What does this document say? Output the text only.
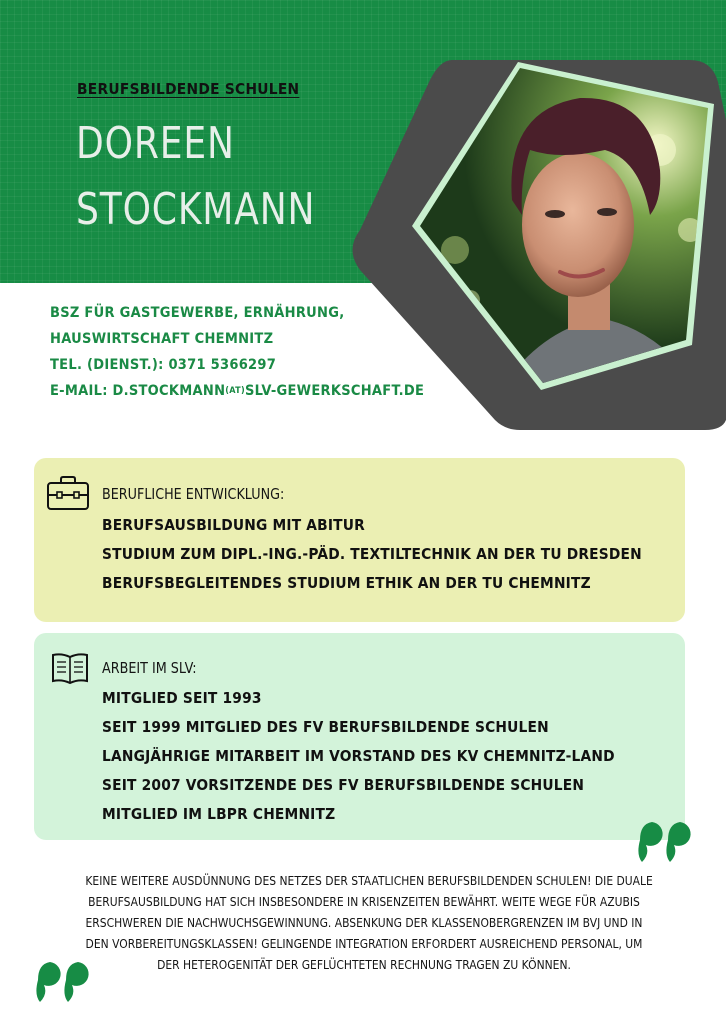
BERUFSBILDENDE SCHULEN
DOREEN
STOCKMANN
BSZ FÜR GASTGEWERBE, ERNÄHRUNG,
HAUSWIRTSCHAFT CHEMNITZ
TEL. (DIENST.): 0371 5366297
E-MAIL: D.STOCKMANN(AT)SLV-GEWERKSCHAFT.DE
BERUFLICHE ENTWICKLUNG:
BERUFSAUSBILDUNG MIT ABITUR
STUDIUM ZUM DIPL.-ING.-PÄD. TEXTILTECHNIK AN DER TU DRESDEN
BERUFSBEGLEITENDES STUDIUM ETHIK AN DER TU CHEMNITZ
ARBEIT IM SLV:
MITGLIED SEIT 1993
SEIT 1999 MITGLIED DES FV BERUFSBILDENDE SCHULEN
LANGJÄHRIGE MITARBEIT IM VORSTAND DES KV CHEMNITZ-LAND
SEIT 2007 VORSITZENDE DES FV BERUFSBILDENDE SCHULEN
MITGLIED IM LBPR CHEMNITZ
KEINE WEITERE AUSDÜNNUNG DES NETZES DER STAATLICHEN BERUFSBILDENDEN SCHULEN! DIE DUALE
BERUFSAUSBILDUNG HAT SICH INSBESONDERE IN KRISENZEITEN BEWÄHRT. WEITE WEGE FÜR AZUBIS
ERSCHWEREN DIE NACHWUCHSGEWINNUNG. ABSENKUNG DER KLASSENOBERGRENZEN IM BVJ UND IN
DEN VORBEREITUNGSKLASSEN! GELINGENDE INTEGRATION ERFORDERT AUSREICHEND PERSONAL, UM
DER HETEROGENITÄT DER GEFLÜCHTETEN RECHNUNG TRAGEN ZU KÖNNEN.
